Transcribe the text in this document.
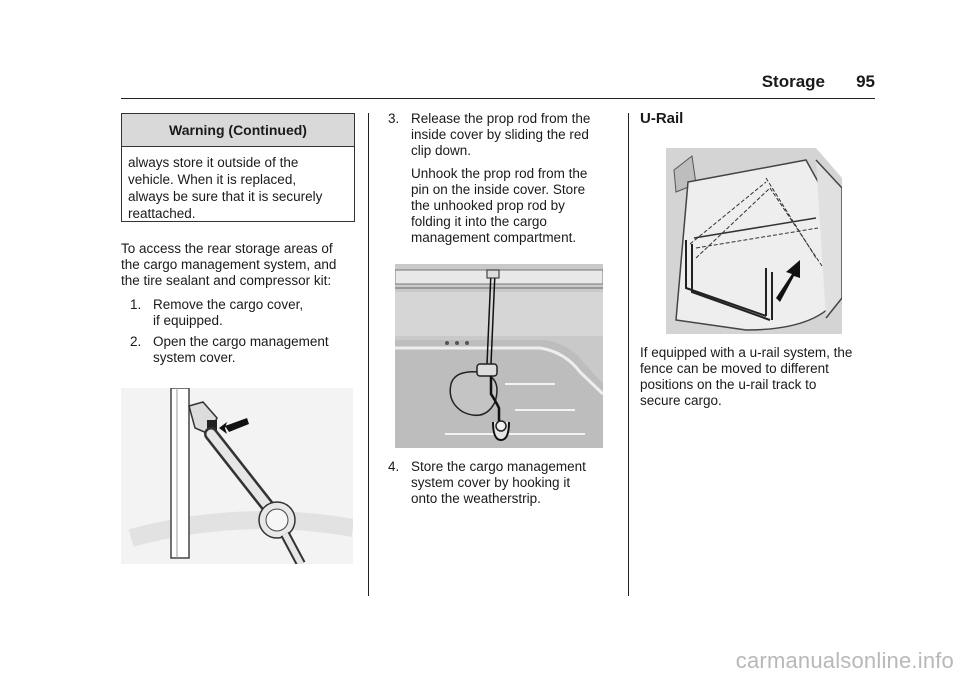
Storage 95
Warning (Continued)
always store it outside of the
vehicle. When it is replaced,
always be sure that it is securely
reattached.

To access the rear storage areas of

the cargo management system, and

the tire sealant and compressor kit:

1. Remove the cargo cover,

if equipped.

2. Open the cargo management

system cover.

3. Release the prop rod from the

inside cover by sliding the red

clip down.

Unhook the prop rod from the

pin on the inside cover. Store

the unhooked prop rod by

folding it into the cargo

management compartment.

4. Store the cargo management

system cover by hooking it

onto the weatherstrip.

U-Rail

If equipped with a u-rail system, the

fence can be moved to different

positions on the u-rail track to

secure cargo.

carmanualsonline.info
